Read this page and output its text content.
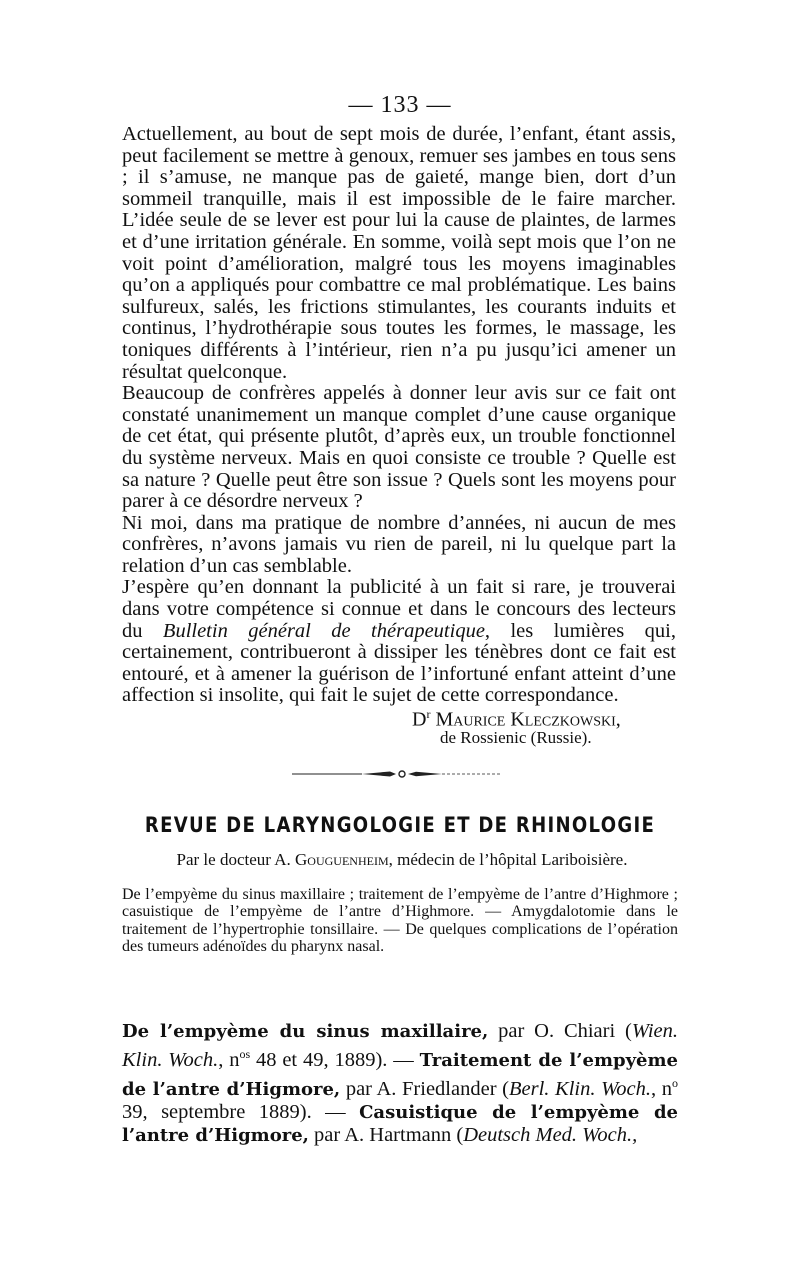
— 133 —

Actuellement, au bout de sept mois de durée, l’enfant, étant assis, peut facilement se mettre à genoux, remuer ses jambes en tous sens ; il s’amuse, ne manque pas de gaieté, mange bien, dort d’un sommeil tranquille, mais il est impossible de le faire marcher. L’idée seule de se lever est pour lui la cause de plaintes, de larmes et d’une irritation générale. En somme, voilà sept mois que l’on ne voit point d’amélioration, malgré tous les moyens imaginables qu’on a appliqués pour combattre ce mal problématique. Les bains sulfureux, salés, les frictions stimulantes, les courants induits et continus, l’hydrothérapie sous toutes les formes, le massage, les toniques différents à l’intérieur, rien n’a pu jusqu’ici amener un résultat quelconque.

Beaucoup de confrères appelés à donner leur avis sur ce fait ont constaté unanimement un manque complet d’une cause organique de cet état, qui présente plutôt, d’après eux, un trouble fonctionnel du système nerveux. Mais en quoi consiste ce trouble ? Quelle est sa nature ? Quelle peut être son issue ? Quels sont les moyens pour parer à ce désordre nerveux ?

Ni moi, dans ma pratique de nombre d’années, ni aucun de mes confrères, n’avons jamais vu rien de pareil, ni lu quelque part la relation d’un cas semblable.

J’espère qu’en donnant la publicité à un fait si rare, je trouverai dans votre compétence si connue et dans le concours des lecteurs du Bulletin général de thérapeutique, les lumières qui, certainement, contribueront à dissiper les ténèbres dont ce fait est entouré, et à amener la guérison de l’infortuné enfant atteint d’une affection si insolite, qui fait le sujet de cette correspondance.

$D^r$ Maurice Kleczkowski,
de Rossienic (Russie).
REVUE DE LARYNGOLOGIE ET DE RHINOLOGIE
Par le docteur A. Gouguenheim, médecin de l’hôpital Lariboisière.
De l’empyème du sinus maxillaire ; traitement de l’empyème de l’antre d’Highmore ; casuistique de l’empyème de l’antre d’Highmore. — Amygdalotomie dans le traitement de l’hypertrophie tonsillaire. — De quelques complications de l’opération des tumeurs adénoïdes du pharynx nasal.
De l’empyème du sinus maxillaire, par O. Chiari (Wien. Klin. Woch., $n^{os}$ 48 et 49, 1889). — Traitement de l’empyème de l’antre d’Higmore, par A. Friedlander (Berl. Klin. Woch., $n^o$ 39, septembre 1889). — Casuistique de l’empyème de l’antre d’Higmore, par A. Hartmann (Deutsch Med. Woch.,
